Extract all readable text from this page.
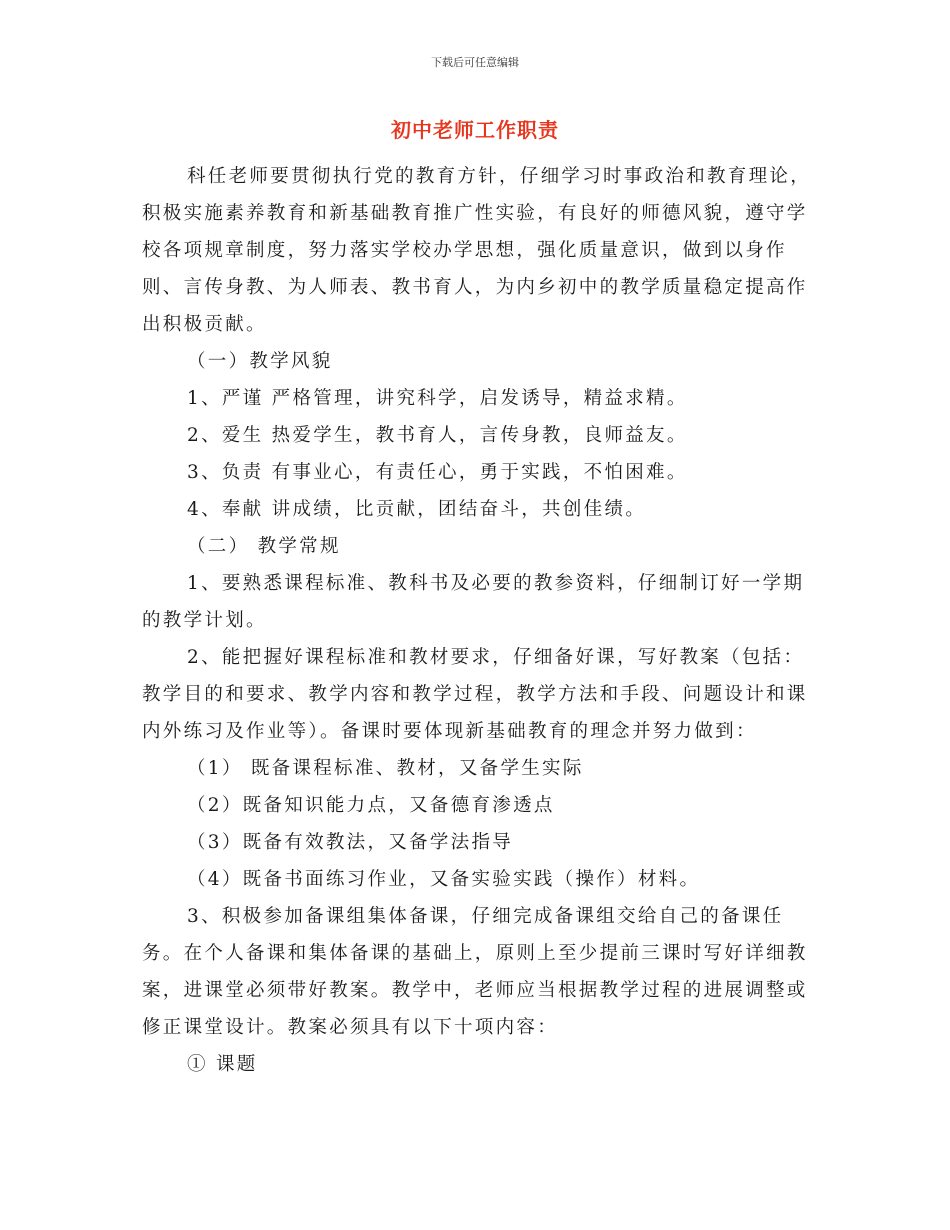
下载后可任意编辑
初中老师工作职责

科任老师要贯彻执行党的教育方针，仔细学习时事政治和教育理论，积极实施素养教育和新基础教育推广性实验，有良好的师德风貌，遵守学校各项规章制度，努力落实学校办学思想，强化质量意识，做到以身作则、言传身教、为人师表、教书育人，为内乡初中的教学质量稳定提高作出积极贡献。

（一）教学风貌

1、严谨 严格管理，讲究科学，启发诱导，精益求精。

2、爱生 热爱学生，教书育人，言传身教，良师益友。

3、负责 有事业心，有责任心，勇于实践，不怕困难。

4、奉献 讲成绩，比贡献，团结奋斗，共创佳绩。

（二） 教学常规

1、要熟悉课程标准、教科书及必要的教参资料，仔细制订好一学期的教学计划。

2、能把握好课程标准和教材要求，仔细备好课，写好教案（包括：教学目的和要求、教学内容和教学过程，教学方法和手段、问题设计和课内外练习及作业等）。备课时要体现新基础教育的理念并努力做到：

（1） 既备课程标准、教材，又备学生实际

（2）既备知识能力点，又备德育渗透点

（3）既备有效教法，又备学法指导

（4）既备书面练习作业，又备实验实践（操作）材料。

3、积极参加备课组集体备课，仔细完成备课组交给自己的备课任务。在个人备课和集体备课的基础上，原则上至少提前三课时写好详细教案，进课堂必须带好教案。教学中，老师应当根据教学过程的进展调整或修正课堂设计。教案必须具有以下十项内容：

① 课题
